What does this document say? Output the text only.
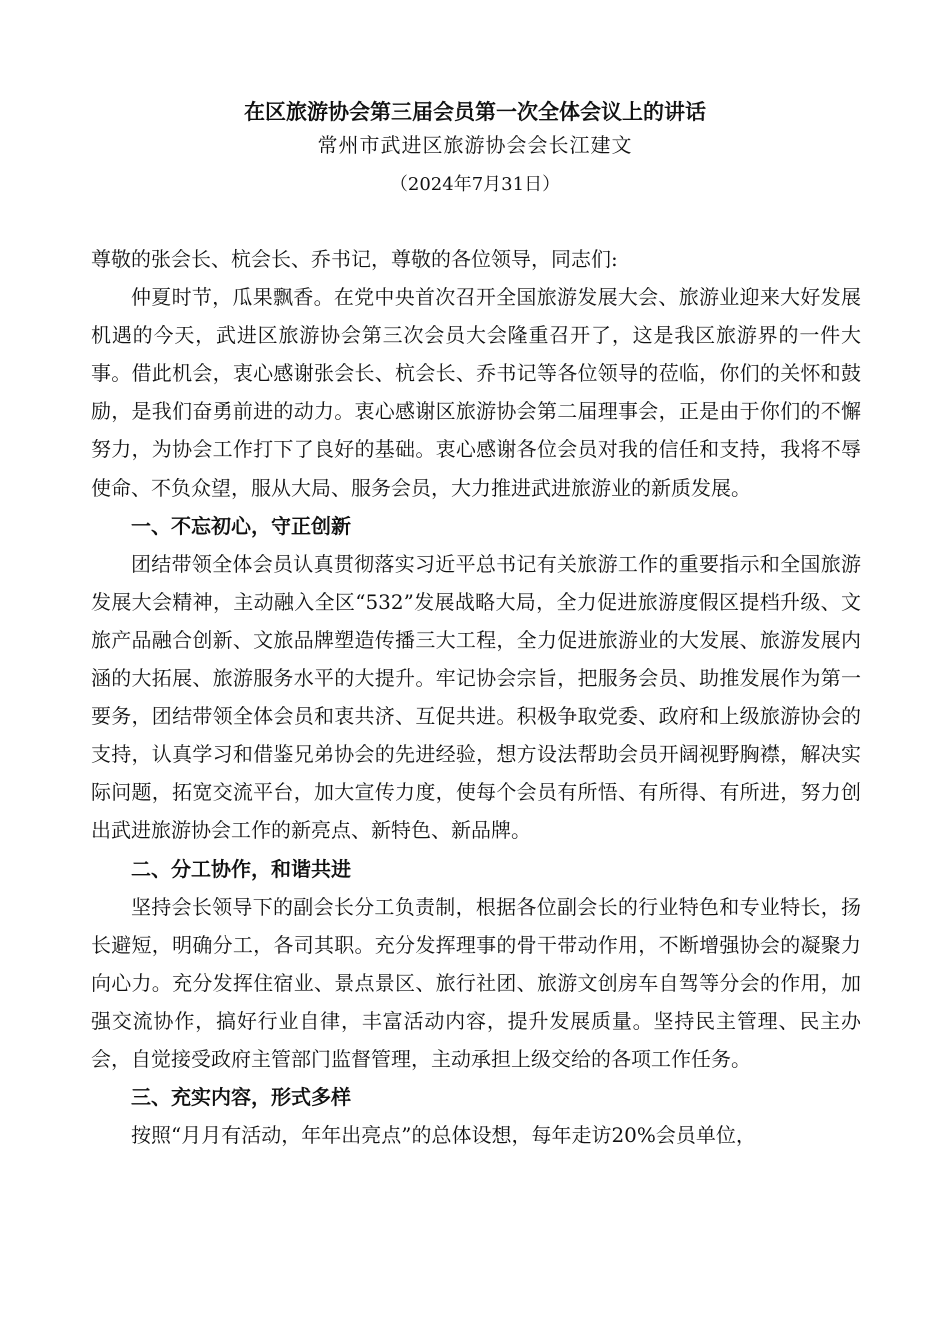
在区旅游协会第三届会员第一次全体会议上的讲话
常州市武进区旅游协会会长江建文
（2024年7月31日）

尊敬的张会长、杭会长、乔书记，尊敬的各位领导，同志们:

仲夏时节，瓜果飘香。在党中央首次召开全国旅游发展大会、旅游业迎来大好发展机遇的今天，武进区旅游协会第三次会员大会隆重召开了，这是我区旅游界的一件大事。借此机会，衷心感谢张会长、杭会长、乔书记等各位领导的莅临，你们的关怀和鼓励，是我们奋勇前进的动力。衷心感谢区旅游协会第二届理事会，正是由于你们的不懈努力，为协会工作打下了良好的基础。衷心感谢各位会员对我的信任和支持，我将不辱使命、不负众望，服从大局、服务会员，大力推进武进旅游业的新质发展。

一、不忘初心，守正创新

团结带领全体会员认真贯彻落实习近平总书记有关旅游工作的重要指示和全国旅游发展大会精神，主动融入全区“532”发展战略大局，全力促进旅游度假区提档升级、文旅产品融合创新、文旅品牌塑造传播三大工程，全力促进旅游业的大发展、旅游发展内涵的大拓展、旅游服务水平的大提升。牢记协会宗旨，把服务会员、助推发展作为第一要务，团结带领全体会员和衷共济、互促共进。积极争取党委、政府和上级旅游协会的支持，认真学习和借鉴兄弟协会的先进经验，想方设法帮助会员开阔视野胸襟，解决实际问题，拓宽交流平台，加大宣传力度，使每个会员有所悟、有所得、有所进，努力创出武进旅游协会工作的新亮点、新特色、新品牌。

二、分工协作，和谐共进

坚持会长领导下的副会长分工负责制，根据各位副会长的行业特色和专业特长，扬长避短，明确分工，各司其职。充分发挥理事的骨干带动作用，不断增强协会的凝聚力向心力。充分发挥住宿业、景点景区、旅行社团、旅游文创房车自驾等分会的作用，加强交流协作，搞好行业自律，丰富活动内容，提升发展质量。坚持民主管理、民主办会，自觉接受政府主管部门监督管理，主动承担上级交给的各项工作任务。

三、充实内容，形式多样

按照“月月有活动，年年出亮点”的总体设想，每年走访20%会员单位，
